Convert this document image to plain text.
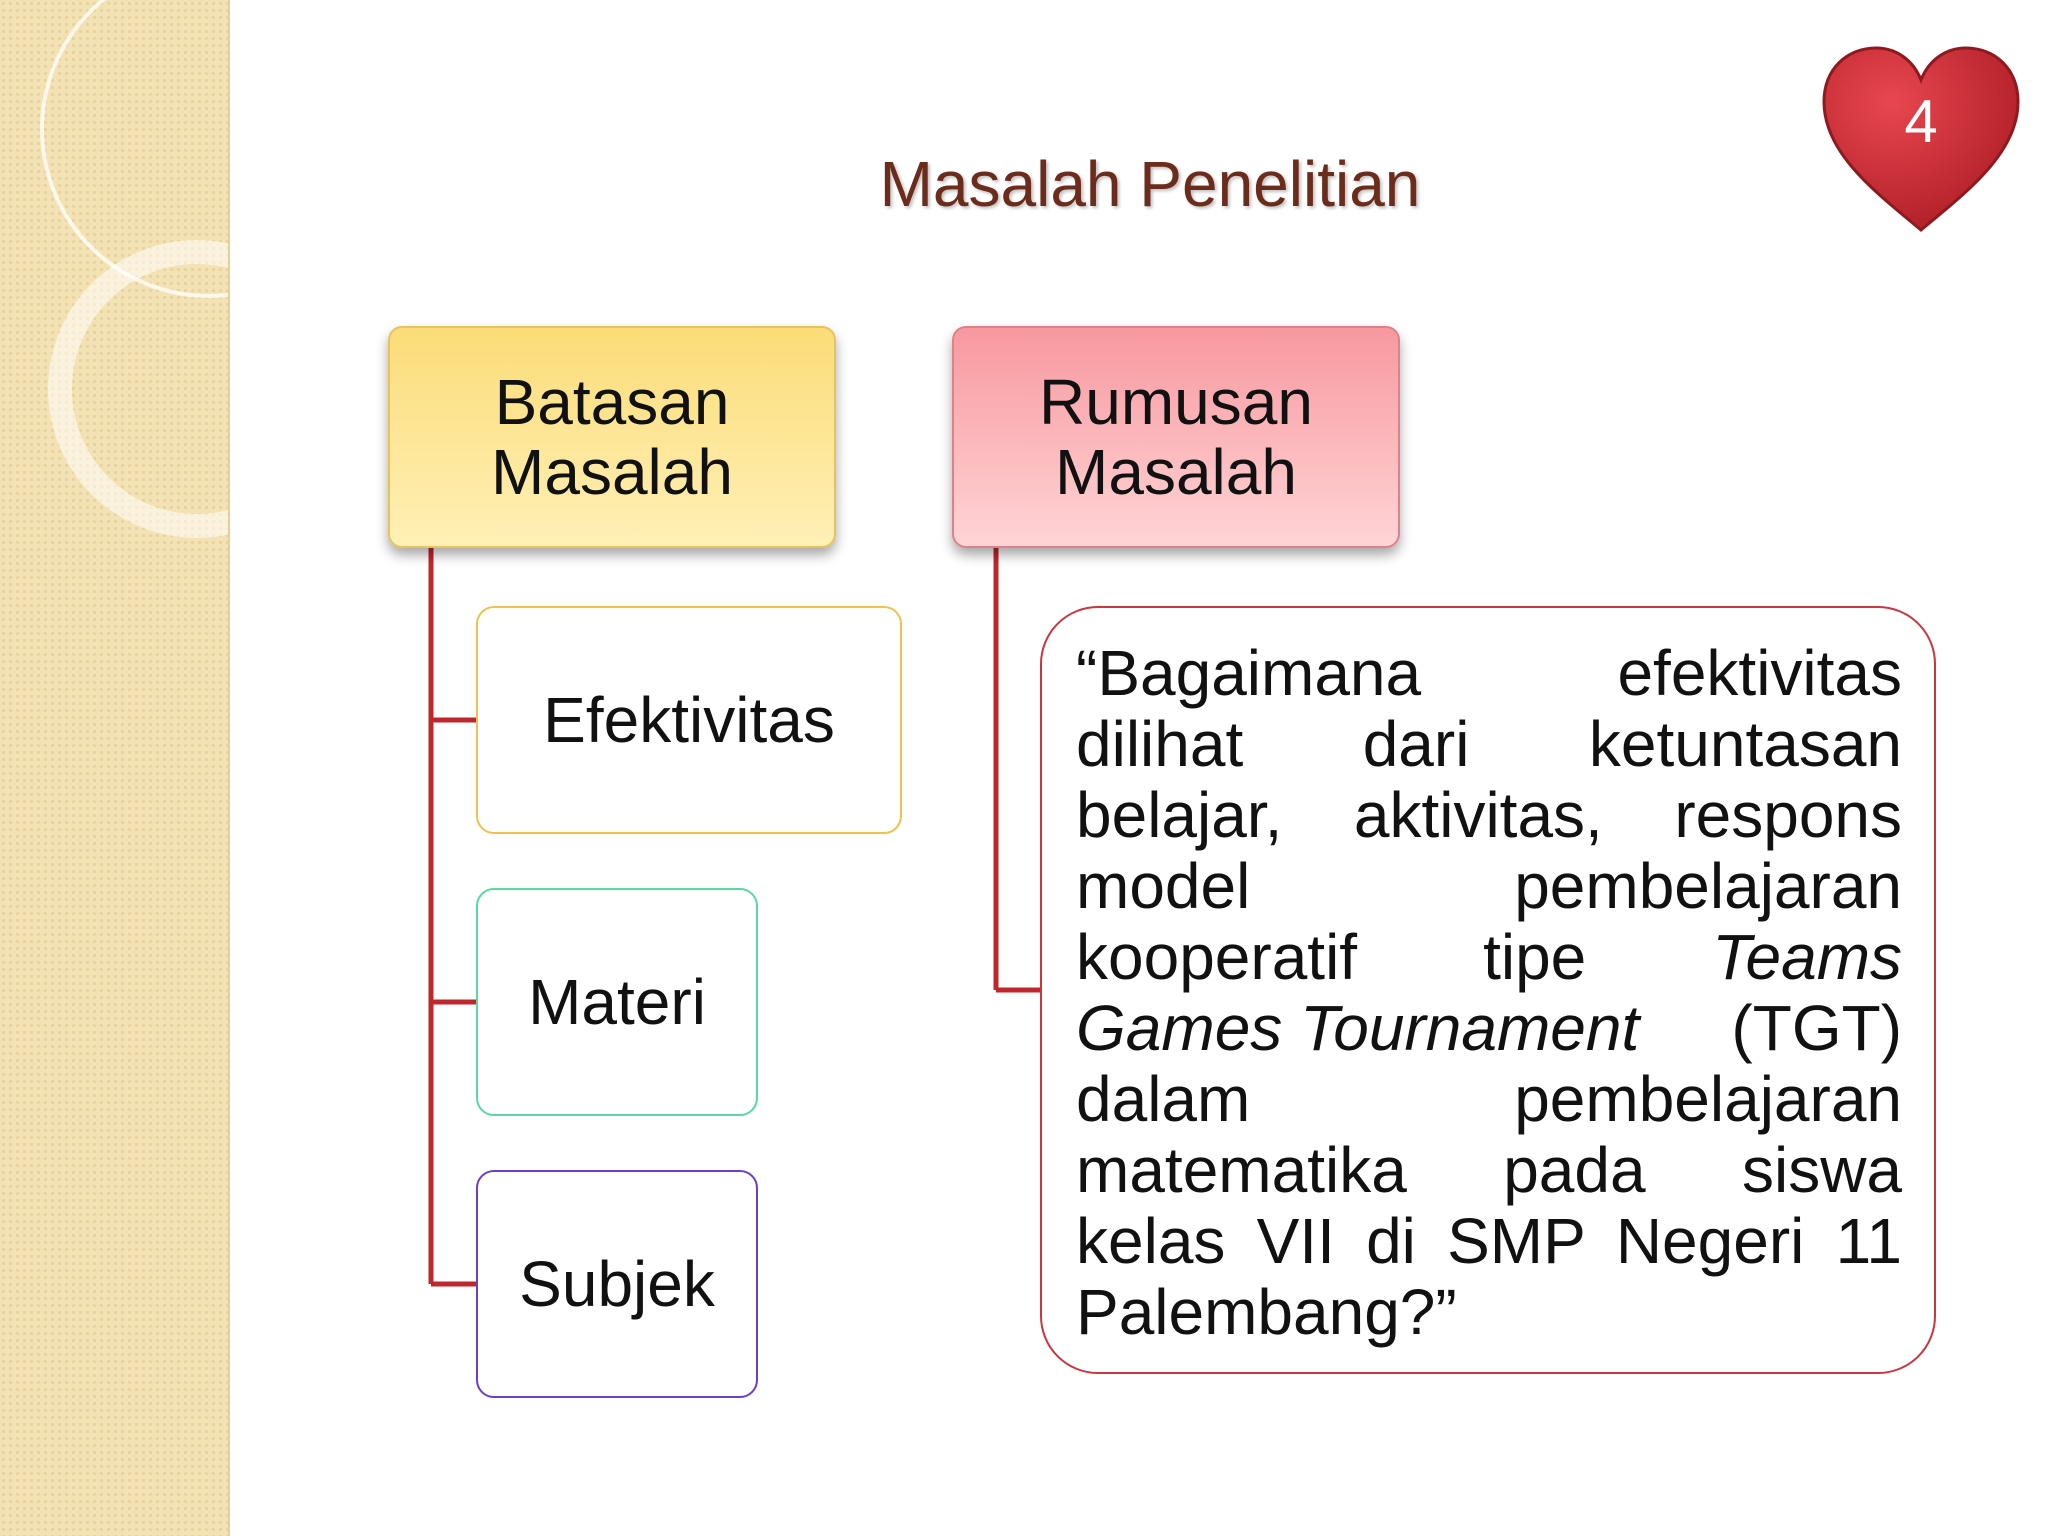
Masalah Penelitian
4
Batasan
Masalah
Rumusan
Masalah
Efektivitas
Materi
Subjek
“Bagaimana	efektivitas
dilihat dari ketuntasan
belajar, aktivitas, respons
model	pembelajaran
kooperatif tipe Teams
Games Tournament (TGT)
dalam	pembelajaran
matematika pada siswa
kelas VII di SMP Negeri 11
Palembang?”
